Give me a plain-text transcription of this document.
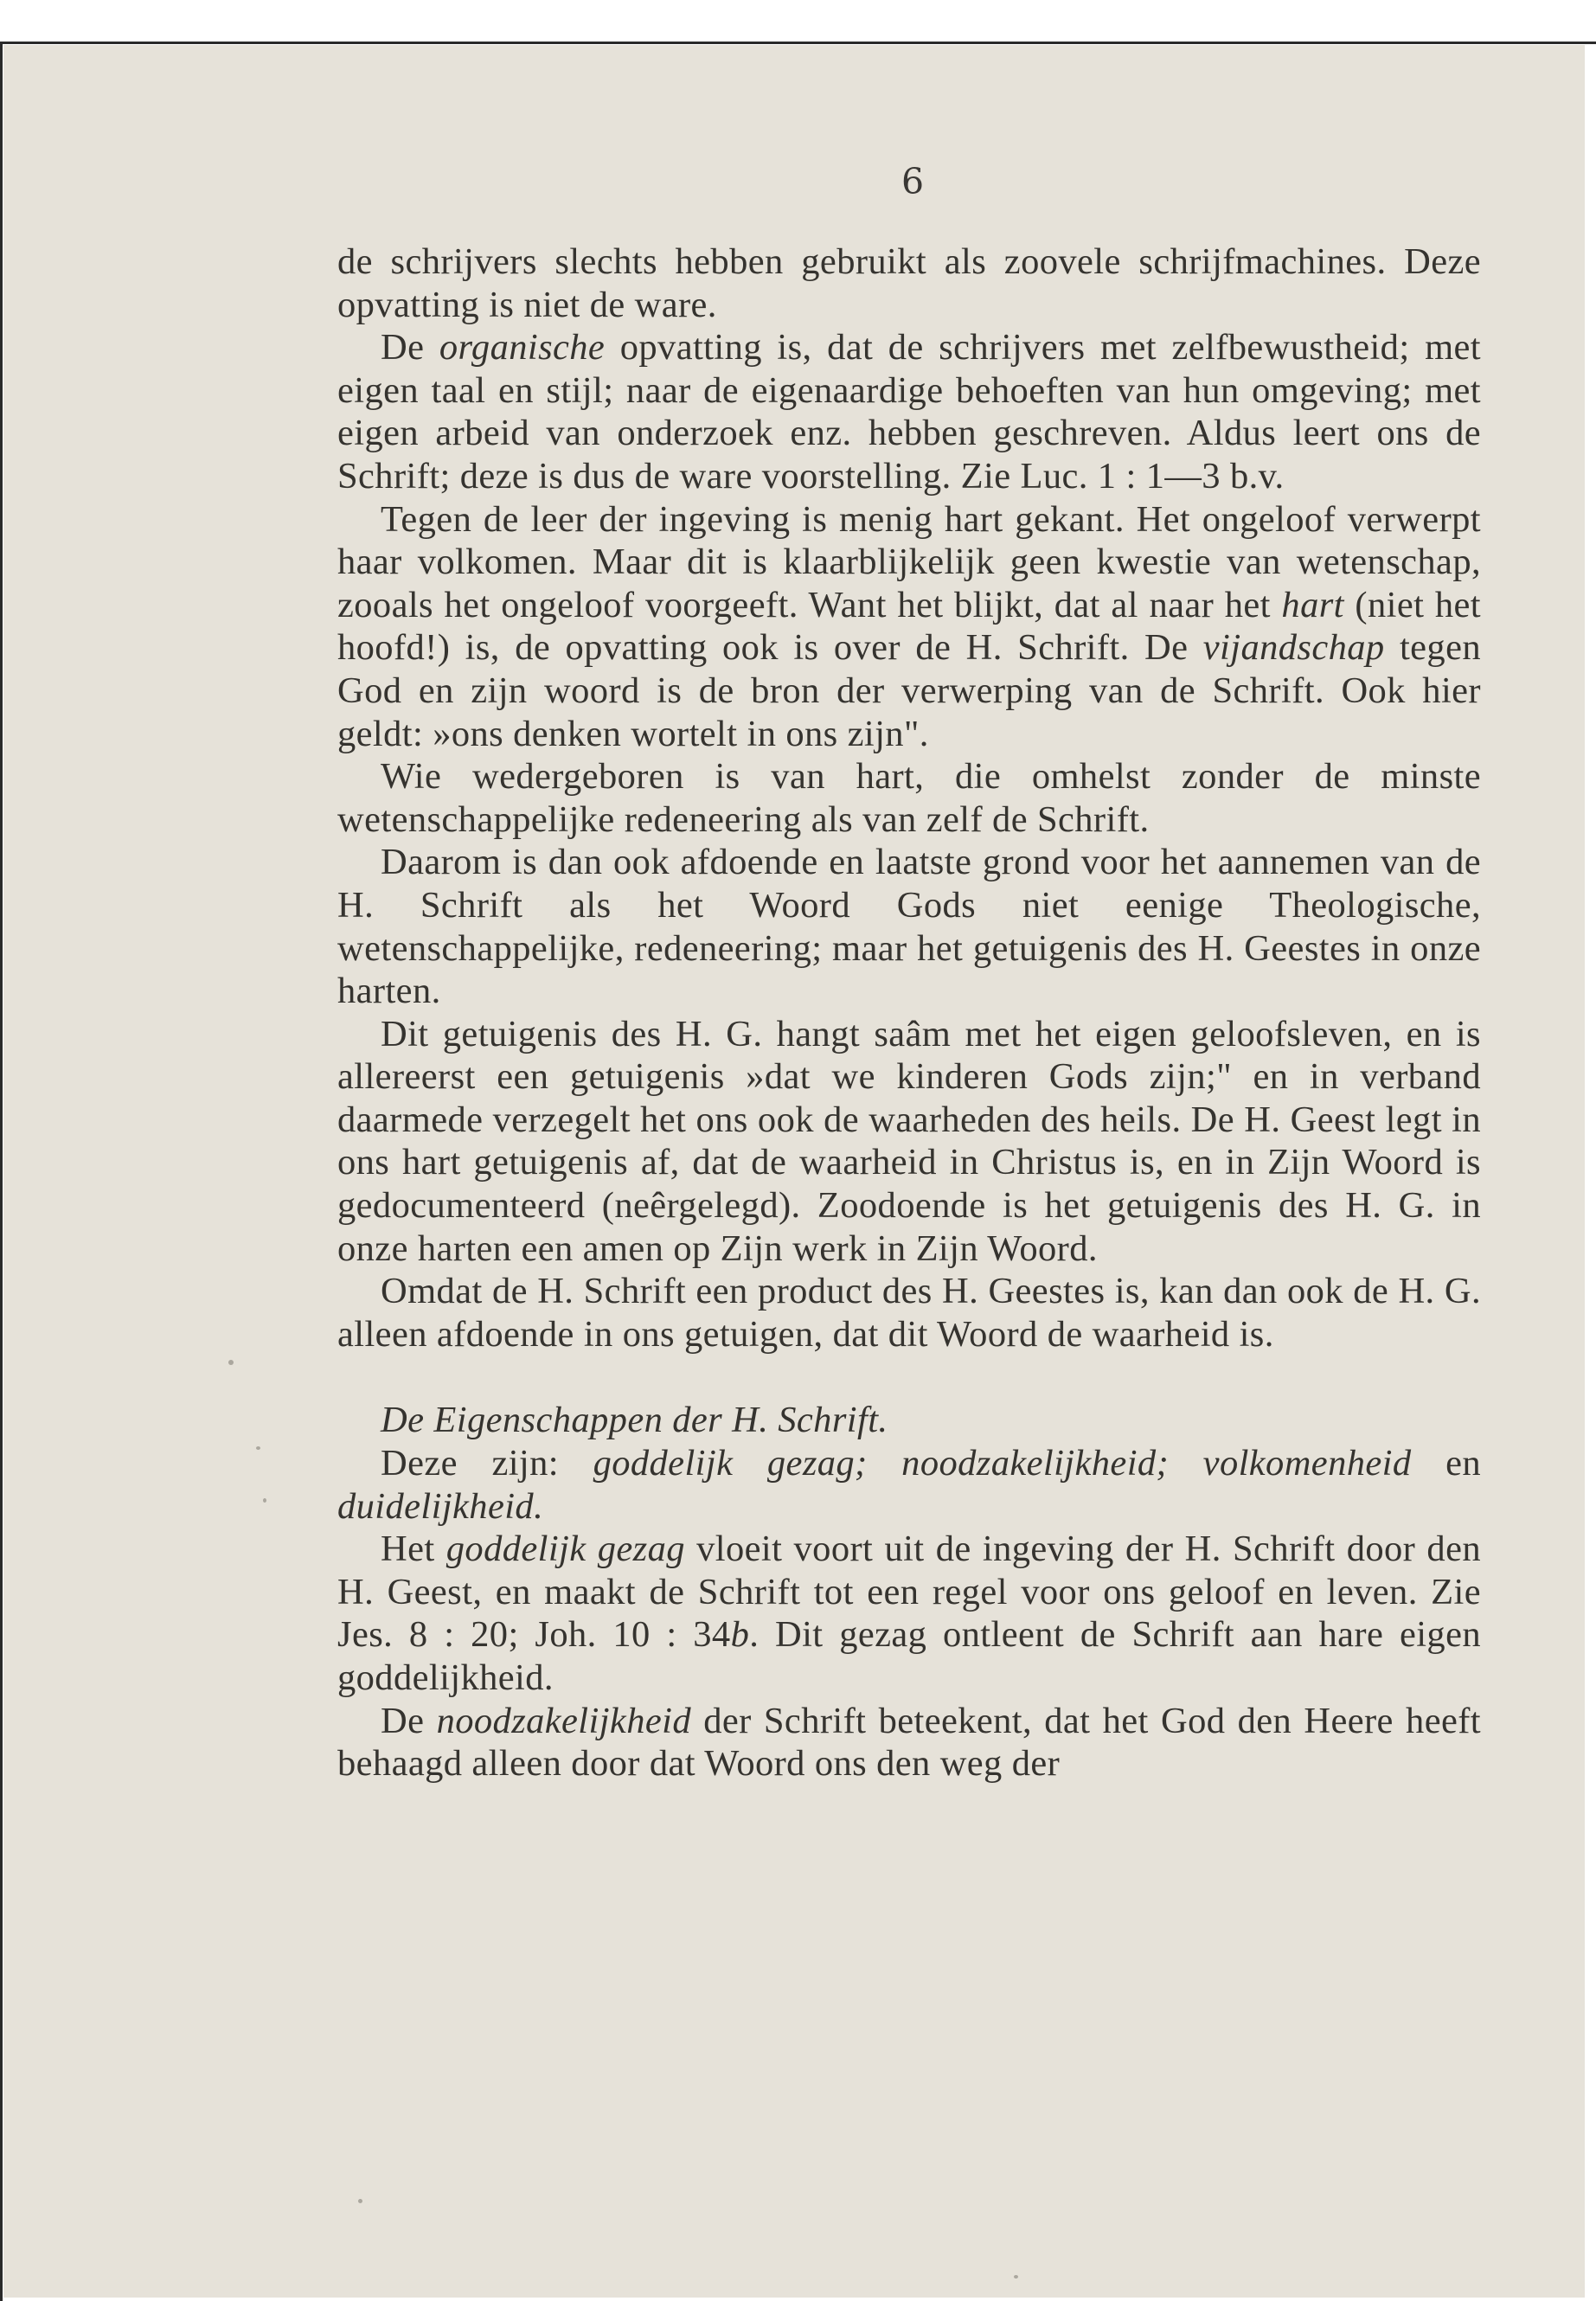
6

de schrijvers slechts hebben gebruikt als zoovele schrijfmachines. Deze opvatting is niet de ware.

De organische opvatting is, dat de schrijvers met zelfbewustheid; met eigen taal en stijl; naar de eigenaardige behoeften van hun omgeving; met eigen arbeid van onderzoek enz. hebben geschreven. Aldus leert ons de Schrift; deze is dus de ware voorstelling. Zie Luc. 1 : 1—3 b.v.

Tegen de leer der ingeving is menig hart gekant. Het ongeloof verwerpt haar volkomen. Maar dit is klaarblijkelijk geen kwestie van wetenschap, zooals het ongeloof voorgeeft. Want het blijkt, dat al naar het hart (niet het hoofd!) is, de opvatting ook is over de H. Schrift. De vijandschap tegen God en zijn woord is de bron der verwerping van de Schrift. Ook hier geldt: »ons denken wortelt in ons zijn".

Wie wedergeboren is van hart, die omhelst zonder de minste wetenschappelijke redeneering als van zelf de Schrift.

Daarom is dan ook afdoende en laatste grond voor het aannemen van de H. Schrift als het Woord Gods niet eenige Theologische, wetenschappelijke, redeneering; maar het getuigenis des H. Geestes in onze harten.

Dit getuigenis des H. G. hangt saâm met het eigen geloofsleven, en is allereerst een getuigenis »dat we kinderen Gods zijn;" en in verband daarmede verzegelt het ons ook de waarheden des heils. De H. Geest legt in ons hart getuigenis af, dat de waarheid in Christus is, en in Zijn Woord is gedocumenteerd (neêrgelegd). Zoodoende is het getuigenis des H. G. in onze harten een amen op Zijn werk in Zijn Woord.

Omdat de H. Schrift een product des H. Geestes is, kan dan ook de H. G. alleen afdoende in ons getuigen, dat dit Woord de waarheid is.

De Eigenschappen der H. Schrift.

Deze zijn: goddelijk gezag; noodzakelijkheid; volkomenheid en duidelijkheid.

Het goddelijk gezag vloeit voort uit de ingeving der H. Schrift door den H. Geest, en maakt de Schrift tot een regel voor ons geloof en leven. Zie Jes. 8 : 20; Joh. 10 : 34b. Dit gezag ontleent de Schrift aan hare eigen goddelijkheid.

De noodzakelijkheid der Schrift beteekent, dat het God den Heere heeft behaagd alleen door dat Woord ons den weg der
